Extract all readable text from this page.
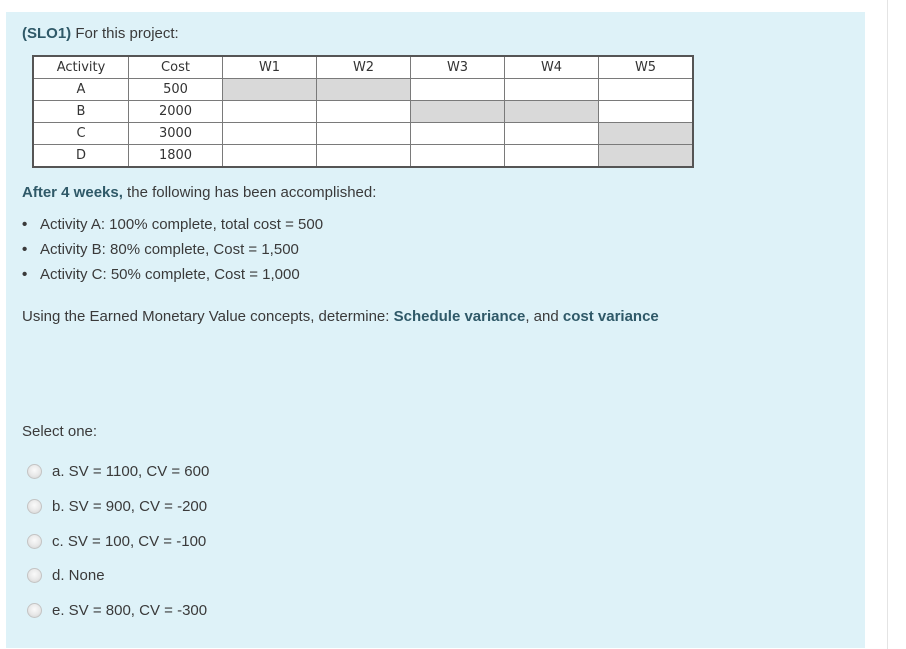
(SLO1) For this project:
Activity	Cost	W1	W2	W3	W4	W5
A	500					
B	2000					
C	3000					
D	1800					
After 4 weeks, the following has been accomplished:
• Activity A: 100% complete, total cost = 500
• Activity B: 80% complete, Cost = 1,500
• Activity C: 50% complete, Cost = 1,000
Using the Earned Monetary Value concepts, determine: Schedule variance, and cost variance
Select one:
a. SV = 1100, CV = 600
b. SV = 900, CV = -200
c. SV = 100, CV = -100
d. None
e. SV = 800, CV = -300
